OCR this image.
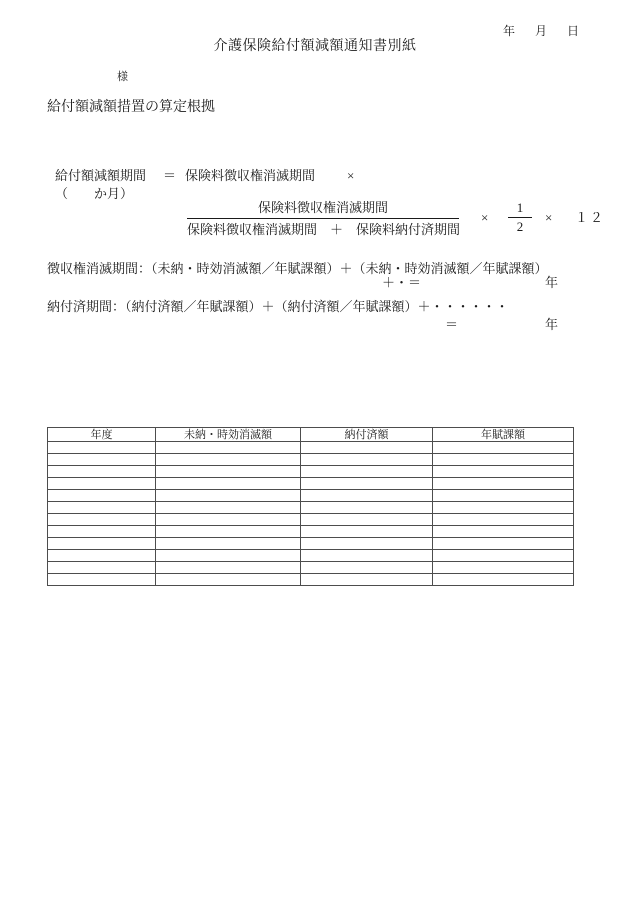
年 月 日
介護保険給付額減額通知書別紙
様
給付額減額措置の算定根拠
給付額減額期間 ＝ 保険料徴収権消滅期間 ×
（　　か月）
保険料徴収権消滅期間
保険料徴収権消滅期間　＋　保険料納付済期間
× $\frac{1}{2} \times 12$
徴収権消滅期間：（未納・時効消滅額／年賦課額）＋（未納・時効消滅額／年賦課額）
＋・＝	年
納付済期間：（納付済額／年賦課額）＋（納付済額／年賦課額）＋・・・・・・
＝	年
年度	未納・時効消滅額	納付済額	年賦課額
